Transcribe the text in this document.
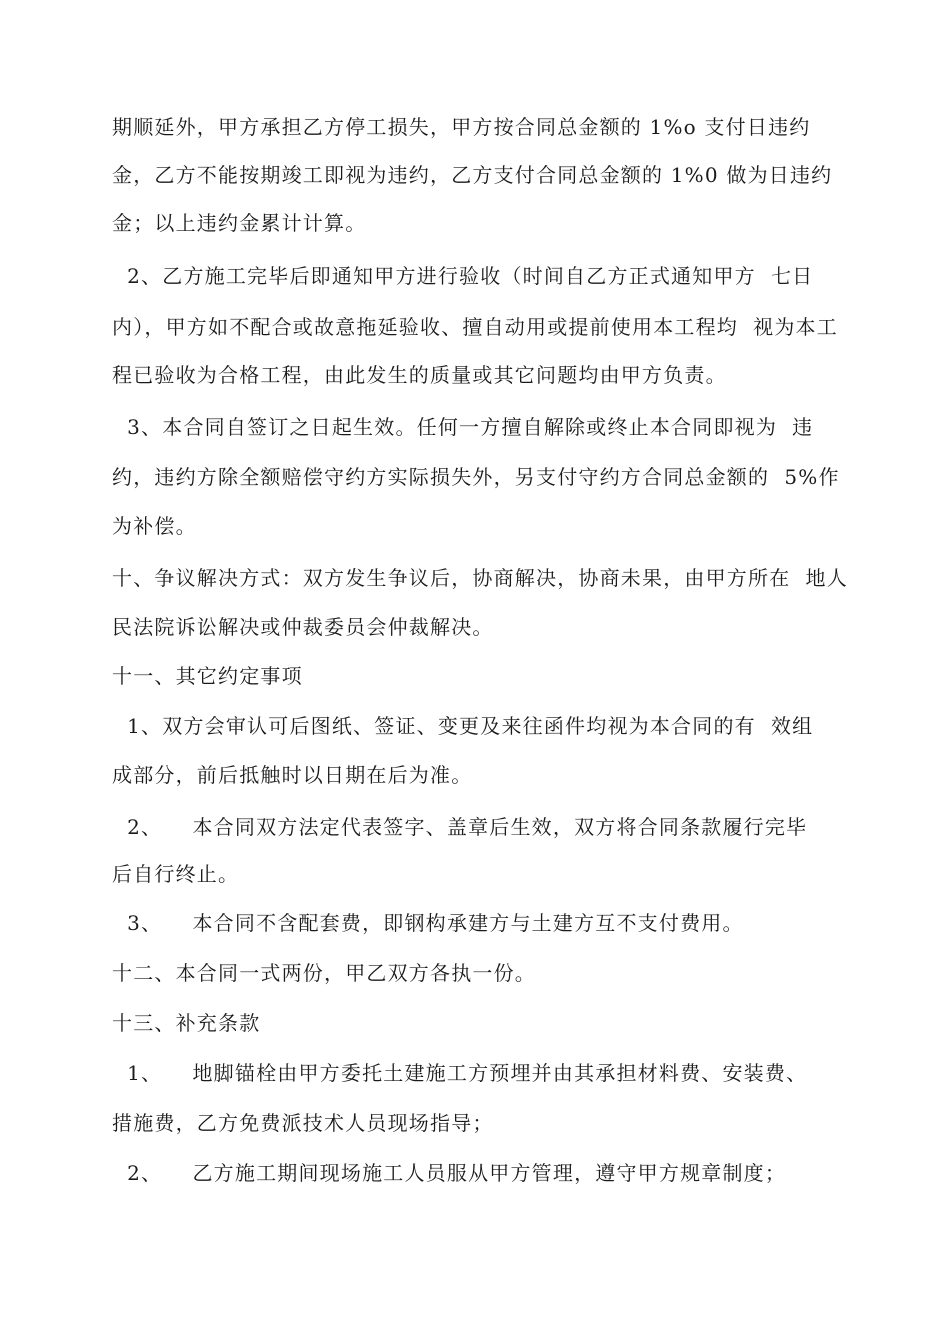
期顺延外，甲方承担乙方停工损失，甲方按合同总金额的 1%o 支付日违约
金，乙方不能按期竣工即视为违约，乙方支付合同总金额的 1%0 做为日违约
金；以上违约金累计计算。
2、乙方施工完毕后即通知甲方进行验收（时间自乙方正式通知甲方  七日
内），甲方如不配合或故意拖延验收、擅自动用或提前使用本工程均  视为本工
程已验收为合格工程，由此发生的质量或其它问题均由甲方负责。
3、本合同自签订之日起生效。任何一方擅自解除或终止本合同即视为  违
约，违约方除全额赔偿守约方实际损失外，另支付守约方合同总金额的  5%作
为补偿。
十、争议解决方式：双方发生争议后，协商解决，协商未果，由甲方所在  地人
民法院诉讼解决或仲裁委员会仲裁解决。
十一、其它约定事项
1、双方会审认可后图纸、签证、变更及来往函件均视为本合同的有  效组
成部分，前后抵触时以日期在后为准。
2、    本合同双方法定代表签字、盖章后生效，双方将合同条款履行完毕
后自行终止。
3、    本合同不含配套费，即钢构承建方与土建方互不支付费用。
十二、本合同一式两份，甲乙双方各执一份。
十三、补充条款
1、    地脚锚栓由甲方委托土建施工方预埋并由其承担材料费、安装费、
措施费，乙方免费派技术人员现场指导；
2、    乙方施工期间现场施工人员服从甲方管理，遵守甲方规章制度；
